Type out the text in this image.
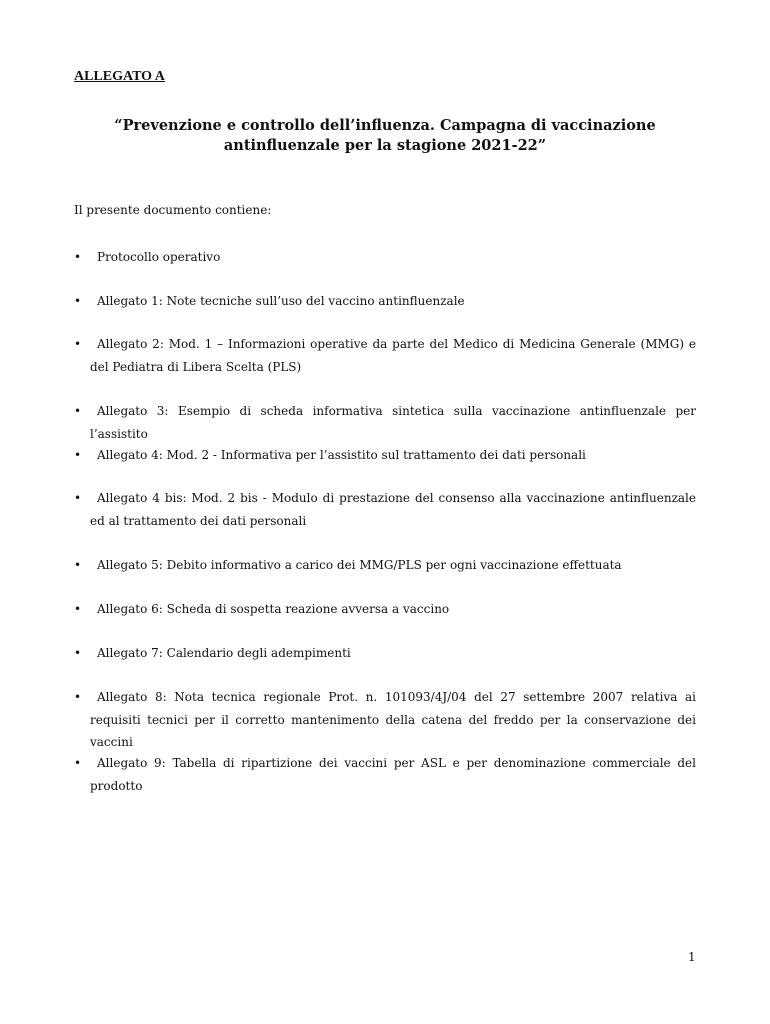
ALLEGATO A

“Prevenzione e controllo dell’influenza. Campagna di vaccinazione
antinfluenzale per la stagione 2021-22”

Il presente documento contiene:

•	Protocollo operativo
•	Allegato 1: Note tecniche sull’uso del vaccino antinfluenzale
•	Allegato 2: Mod. 1 – Informazioni operative da parte del Medico di Medicina Generale (MMG) e del Pediatra di Libera Scelta (PLS)
•	Allegato 3: Esempio di scheda informativa sintetica sulla vaccinazione antinfluenzale per l’assistito
•	Allegato 4: Mod. 2 - Informativa per l’assistito sul trattamento dei dati personali
•	Allegato 4 bis: Mod. 2 bis - Modulo di prestazione del consenso alla vaccinazione antinfluenzale ed al trattamento dei dati personali
•	Allegato 5: Debito informativo a carico dei MMG/PLS per ogni vaccinazione effettuata
•	Allegato 6: Scheda di sospetta reazione avversa a vaccino
•	Allegato 7: Calendario degli adempimenti
•	Allegato 8: Nota tecnica regionale Prot. n. 101093/4J/04 del 27 settembre 2007 relativa ai requisiti tecnici per il corretto mantenimento della catena del freddo per la conservazione dei vaccini
•	Allegato 9: Tabella di ripartizione dei vaccini per ASL e per denominazione commerciale del prodotto

1
